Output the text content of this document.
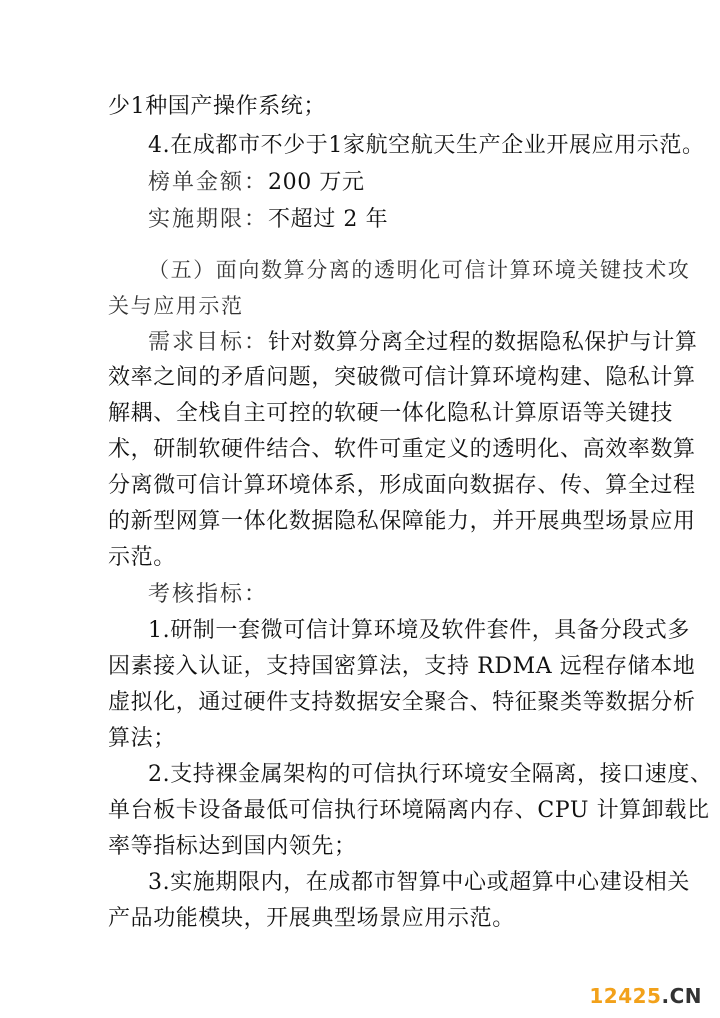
少1种国产操作系统；
4.在成都市不少于1家航空航天生产企业开展应用示范。
榜单金额：200 万元
实施期限：不超过 2 年
（五）面向数算分离的透明化可信计算环境关键技术攻
关与应用示范
需求目标：针对数算分离全过程的数据隐私保护与计算
效率之间的矛盾问题，突破微可信计算环境构建、隐私计算
解耦、全栈自主可控的软硬一体化隐私计算原语等关键技
术，研制软硬件结合、软件可重定义的透明化、高效率数算
分离微可信计算环境体系，形成面向数据存、传、算全过程
的新型网算一体化数据隐私保障能力，并开展典型场景应用
示范。
考核指标：
1.研制一套微可信计算环境及软件套件，具备分段式多
因素接入认证，支持国密算法，支持 RDMA 远程存储本地
虚拟化，通过硬件支持数据安全聚合、特征聚类等数据分析
算法；
2.支持裸金属架构的可信执行环境安全隔离，接口速度、
单台板卡设备最低可信执行环境隔离内存、CPU 计算卸载比
率等指标达到国内领先；
3.实施期限内，在成都市智算中心或超算中心建设相关
产品功能模块，开展典型场景应用示范。
12425.CN
